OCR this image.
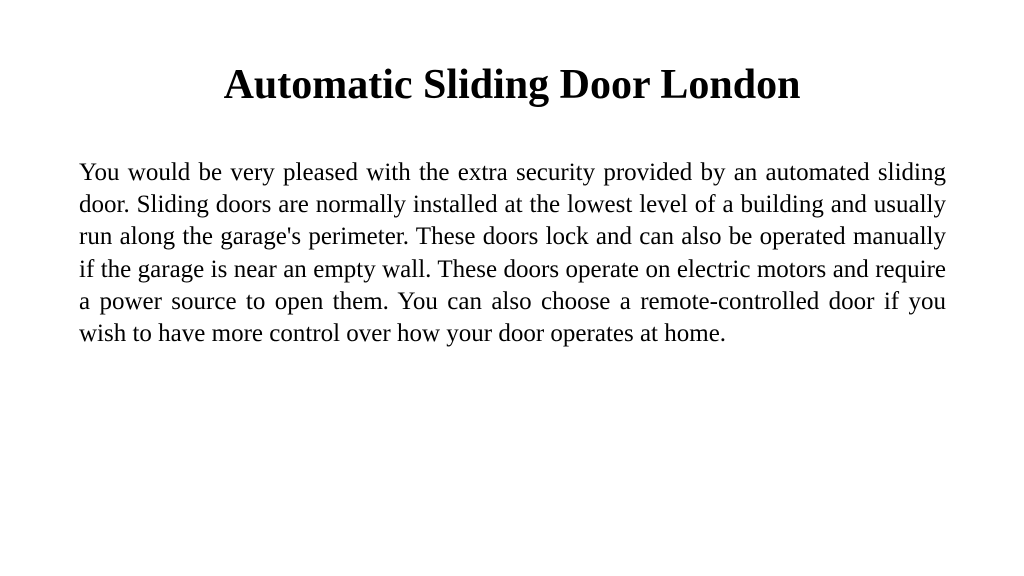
Automatic Sliding Door London

You would be very pleased with the extra security provided by an automated sliding door. Sliding doors are normally installed at the lowest level of a building and usually run along the garage's perimeter. These doors lock and can also be operated manually if the garage is near an empty wall. These doors operate on electric motors and require a power source to open them. You can also choose a remote-controlled door if you wish to have more control over how your door operates at home.
